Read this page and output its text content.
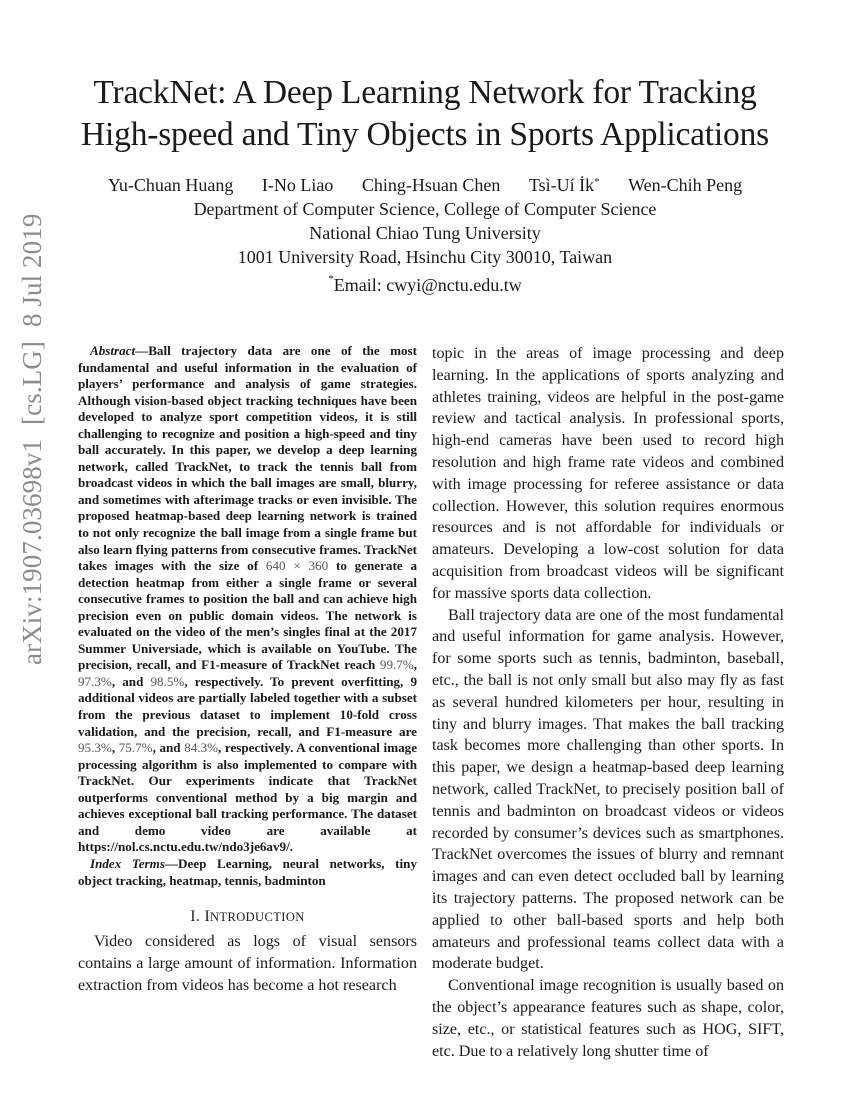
TrackNet: A Deep Learning Network for Tracking
High-speed and Tiny Objects in Sports Applications
Yu-Chuan Huang I-No Liao Ching-Hsuan Chen Tsì-Uí İk* Wen-Chih Peng
Department of Computer Science, College of Computer Science
National Chiao Tung University
1001 University Road, Hsinchu City 30010, Taiwan
*Email: cwyi@nctu.edu.tw
arXiv:1907.03698v1[cs.LG]8 Jul 2019

Abstract—Ball trajectory data are one of the most fundamental and useful information in the evaluation of players’ performance and analysis of game strategies. Although vision-based object tracking techniques have been developed to analyze sport competition videos, it is still challenging to recognize and position a high-speed and tiny ball accurately. In this paper, we develop a deep learning network, called TrackNet, to track the tennis ball from broadcast videos in which the ball images are small, blurry, and sometimes with afterimage tracks or even invisible. The proposed heatmap-based deep learning network is trained to not only recognize the ball image from a single frame but also learn flying patterns from consecutive frames. TrackNet takes images with the size of 640 × 360 to generate a detection heatmap from either a single frame or several consecutive frames to position the ball and can achieve high precision even on public domain videos. The network is evaluated on the video of the men’s singles final at the 2017 Summer Universiade, which is available on YouTube. The precision, recall, and F1-measure of TrackNet reach 99.7%, 97.3%, and 98.5%, respectively. To prevent overfitting, 9 additional videos are partially labeled together with a subset from the previous dataset to implement 10-fold cross validation, and the precision, recall, and F1-measure are 95.3%, 75.7%, and 84.3%, respectively. A conventional image processing algorithm is also implemented to compare with TrackNet. Our experiments indicate that TrackNet outperforms conventional method by a big margin and achieves exceptional ball tracking performance. The dataset and demo video are available at https://nol.cs.nctu.edu.tw/ndo3je6av9/.

Index Terms—Deep Learning, neural networks, tiny object tracking, heatmap, tennis, badminton

I. INTRODUCTION

Video considered as logs of visual sensors contains a large amount of information. Information extraction from videos has become a hot research

topic in the areas of image processing and deep learning. In the applications of sports analyzing and athletes training, videos are helpful in the post-game review and tactical analysis. In professional sports, high-end cameras have been used to record high resolution and high frame rate videos and combined with image processing for referee assistance or data collection. However, this solution requires enormous resources and is not affordable for individuals or amateurs. Developing a low-cost solution for data acquisition from broadcast videos will be significant for massive sports data collection.

Ball trajectory data are one of the most fundamental and useful information for game analysis. However, for some sports such as tennis, badminton, baseball, etc., the ball is not only small but also may fly as fast as several hundred kilometers per hour, resulting in tiny and blurry images. That makes the ball tracking task becomes more challenging than other sports. In this paper, we design a heatmap-based deep learning network, called TrackNet, to precisely position ball of tennis and badminton on broadcast videos or videos recorded by consumer’s devices such as smartphones. TrackNet overcomes the issues of blurry and remnant images and can even detect occluded ball by learning its trajectory patterns. The proposed network can be applied to other ball-based sports and help both amateurs and professional teams collect data with a moderate budget.

Conventional image recognition is usually based on the object’s appearance features such as shape, color, size, etc., or statistical features such as HOG, SIFT, etc. Due to a relatively long shutter time of
